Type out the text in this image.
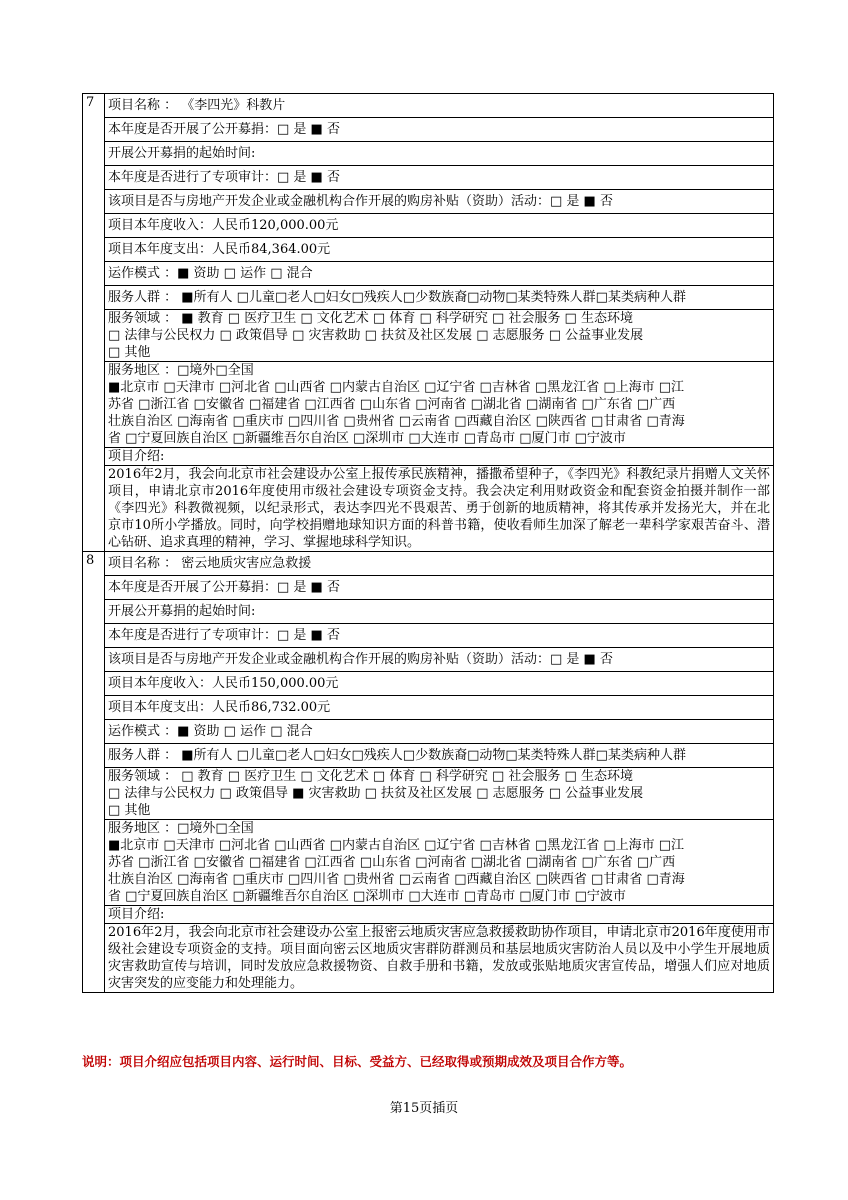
7	项目名称 ： 《李四光》科教片
	本年度是否开展了公开募捐：□ 是 ■ 否
	开展公开募捐的起始时间:
	本年度是否进行了专项审计：□ 是 ■ 否
	该项目是否与房地产开发企业或金融机构合作开展的购房补贴（资助）活动：□ 是 ■ 否
	项目本年度收入：人民币120,000.00元
	项目本年度支出：人民币84,364.00元
	运作模式 ：■ 资助 □ 运作 □ 混合
	服务人群 ： ■所有人 □儿童□老人□妇女□残疾人□少数族裔□动物□某类特殊人群□某类病种人群

	服务领域 ： ■ 教育 □ 医疗卫生 □ 文化艺术 □ 体育 □ 科学研究 □ 社会服务 □ 生态环境
□ 法律与公民权力 □ 政策倡导 □ 灾害救助 □ 扶贫及社区发展 □ 志愿服务 □ 公益事业发展
□ 其他

	服务地区 ：□境外□全国
■北京市 □天津市 □河北省 □山西省 □内蒙古自治区 □辽宁省 □吉林省 □黑龙江省 □上海市 □江
苏省 □浙江省 □安徽省 □福建省 □江西省 □山东省 □河南省 □湖北省 □湖南省 □广东省 □广西
壮族自治区 □海南省 □重庆市 □四川省 □贵州省 □云南省 □西藏自治区 □陕西省 □甘肃省 □青海
省 □宁夏回族自治区 □新疆维吾尔自治区 □深圳市 □大连市 □青岛市 □厦门市 □宁波市

	项目介绍:
2016年2月，我会向北京市社会建设办公室上报传承民族精神，播撒希望种子，《李四光》科教纪录片捐赠人文关怀项目，申请北京市2016年度使用市级社会建设专项资金支持。我会决定利用财政资金和配套资金拍摄并制作一部《李四光》科教微视频，以纪录形式，表达李四光不畏艰苦、勇于创新的地质精神，将其传承并发扬光大，并在北京市10所小学播放。同时，向学校捐赠地球知识方面的科普书籍，使收看师生加深了解老一辈科学家艰苦奋斗、潜心钻研、追求真理的精神，学习、掌握地球科学知识。

8	项目名称 ： 密云地质灾害应急救援
	本年度是否开展了公开募捐：□ 是 ■ 否
	开展公开募捐的起始时间:
	本年度是否进行了专项审计：□ 是 ■ 否
	该项目是否与房地产开发企业或金融机构合作开展的购房补贴（资助）活动：□ 是 ■ 否
	项目本年度收入：人民币150,000.00元
	项目本年度支出：人民币86,732.00元
	运作模式 ：■ 资助 □ 运作 □ 混合
	服务人群 ： ■所有人 □儿童□老人□妇女□残疾人□少数族裔□动物□某类特殊人群□某类病种人群

	服务领域 ： □ 教育 □ 医疗卫生 □ 文化艺术 □ 体育 □ 科学研究 □ 社会服务 □ 生态环境
□ 法律与公民权力 □ 政策倡导 ■ 灾害救助 □ 扶贫及社区发展 □ 志愿服务 □ 公益事业发展
□ 其他

	服务地区 ：□境外□全国
■北京市 □天津市 □河北省 □山西省 □内蒙古自治区 □辽宁省 □吉林省 □黑龙江省 □上海市 □江
苏省 □浙江省 □安徽省 □福建省 □江西省 □山东省 □河南省 □湖北省 □湖南省 □广东省 □广西
壮族自治区 □海南省 □重庆市 □四川省 □贵州省 □云南省 □西藏自治区 □陕西省 □甘肃省 □青海
省 □宁夏回族自治区 □新疆维吾尔自治区 □深圳市 □大连市 □青岛市 □厦门市 □宁波市

	项目介绍:
2016年2月，我会向北京市社会建设办公室上报密云地质灾害应急救援救助协作项目，申请北京市2016年度使用市级社会建设专项资金的支持。项目面向密云区地质灾害群防群测员和基层地质灾害防治人员以及中小学生开展地质灾害救助宣传与培训，同时发放应急救援物资、自救手册和书籍，发放或张贴地质灾害宣传品，增强人们应对地质灾害突发的应变能力和处理能力。
说明：项目介绍应包括项目内容、运行时间、目标、受益方、已经取得或预期成效及项目合作方等。
第15页插页
